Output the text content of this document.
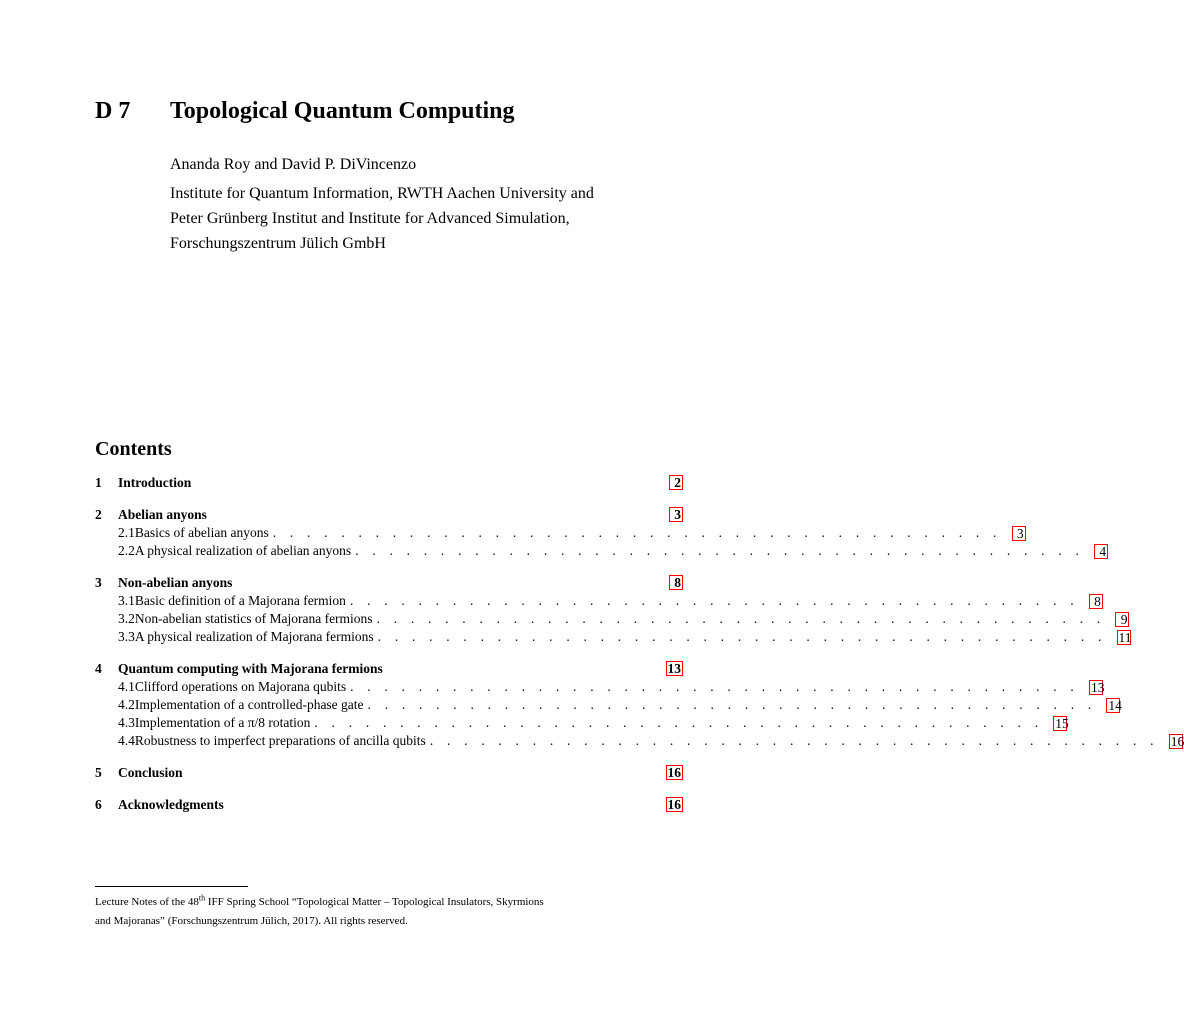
D 7 Topological Quantum Computing
Ananda Roy and David P. DiVincenzo
Institute for Quantum Information, RWTH Aachen University and
Peter Grünberg Institut and Institute for Advanced Simulation,
Forschungszentrum Jülich GmbH
Contents
1	Introduction	2
2	Abelian anyons	3
2.1 Basics of abelian anyons . . . . . . . . . . . . . . . . . . . . . . . . . . . . . . . . . . . . . . . . . . .	3
2.2 A physical realization of abelian anyons . . . . . . . . . . . . . . . . . . . . . . . . . . . . . . . . . . . . . . . . . . .	4
3	Non-abelian anyons	8
3.1 Basic definition of a Majorana fermion . . . . . . . . . . . . . . . . . . . . . . . . . . . . . . . . . . . . . . . . . . .	8
3.2 Non-abelian statistics of Majorana fermions . . . . . . . . . . . . . . . . . . . . . . . . . . . . . . . . . . . . . . . . . . .	9
3.3 A physical realization of Majorana fermions . . . . . . . . . . . . . . . . . . . . . . . . . . . . . . . . . . . . . . . . . . . 11
4	Quantum computing with Majorana fermions	13
4.1 Clifford operations on Majorana qubits . . . . . . . . . . . . . . . . . . . . . . . . . . . . . . . . . . . . . . . . . . . 13
4.2 Implementation of a controlled-phase gate . . . . . . . . . . . . . . . . . . . . . . . . . . . . . . . . . . . . . . . . . . . 14
4.3 Implementation of a π/8 rotation . . . . . . . . . . . . . . . . . . . . . . . . . . . . . . . . . . . . . . . . . . . 15
4.4 Robustness to imperfect preparations of ancilla qubits . . . . . . . . . . . . . . . . . . . . . . . . . . . . . . . . . . . . . . . . . . . 16
5	Conclusion	16
6	Acknowledgments	16
Lecture Notes of the 48th IFF Spring School “Topological Matter – Topological Insulators, Skyrmions
and Majoranas” (Forschungszentrum Jülich, 2017). All rights reserved.
